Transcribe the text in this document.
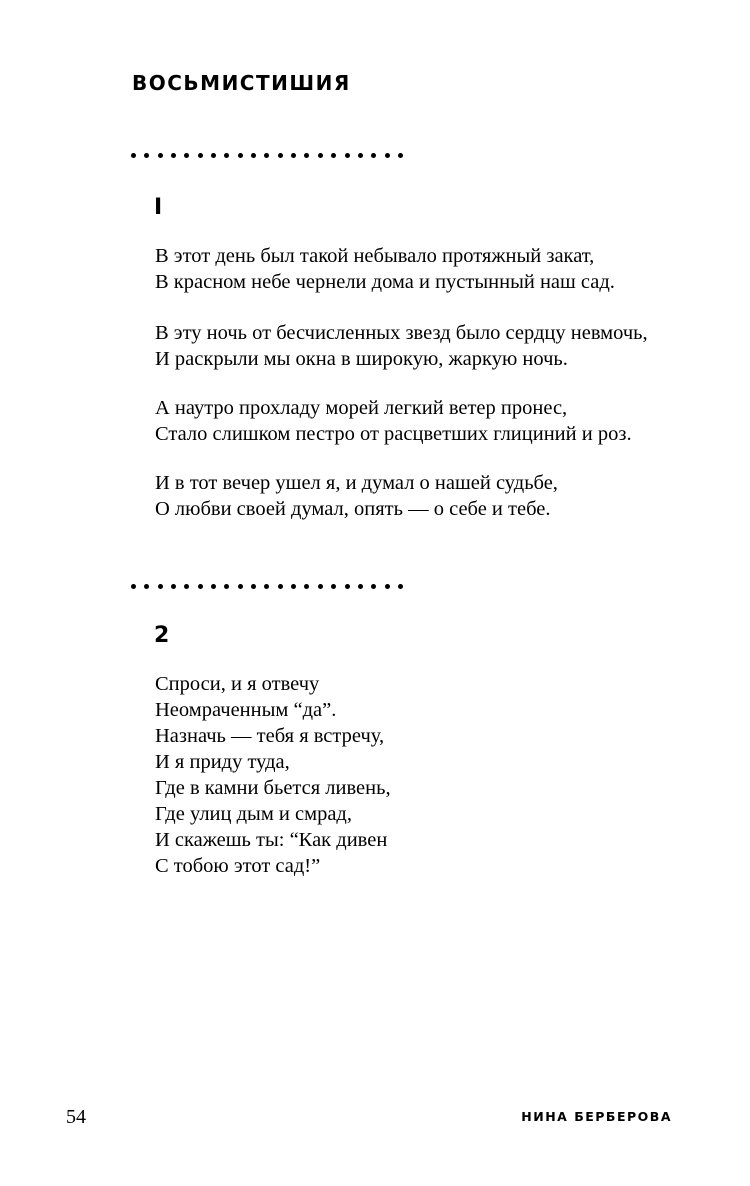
ВОСЬМИСТИШИЯ
I
В этот день был такой небывало протяжный закат,
В красном небе чернели дома и пустынный наш сад.
В эту ночь от бесчисленных звезд было сердцу невмочь,
И раскрыли мы окна в широкую, жаркую ночь.
А наутро прохладу морей легкий ветер пронес,
Стало слишком пестро от расцветших глициний и роз.
И в тот вечер ушел я, и думал о нашей судьбе,
О любви своей думал, опять — о себе и тебе.
2
Спроси, и я отвечу
Неомраченным “да”.
Назначь — тебя я встречу,
И я приду туда,
Где в камни бьется ливень,
Где улиц дым и смрад,
И скажешь ты: “Как дивен
С тобою этот сад!”
54	НИНА БЕРБЕРОВА
